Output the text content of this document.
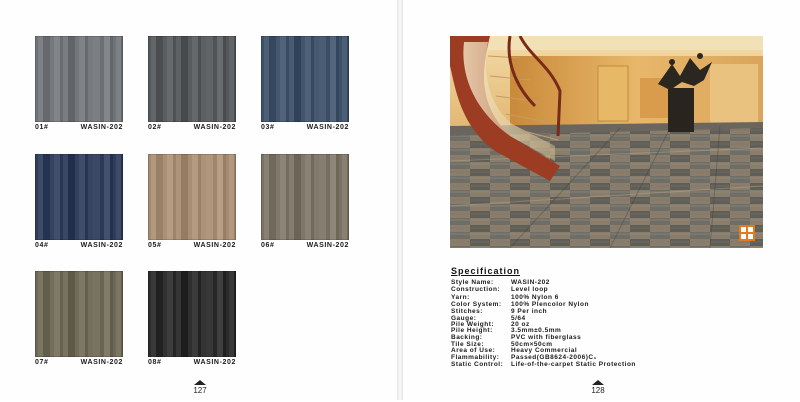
01#	WASIN-202	02#	WASIN-202	03#	WASIN-202
04#	WASIN-202	05#	WASIN-202	06#	WASIN-202
07#	WASIN-202	08#	WASIN-202
127
Specification
Style Name:	WASIN-202
Construction: Level loop
Yarn:	100% Nylon 6
Color System: 100% Plencolor Nylon
Stitches:	9 Per inch
Gauge:	5/64
Pile Weight:	20 oz
Pile Height:	3.5mm±0.5mm
Backing:	PVC with fiberglass
Tile Size:	50cm×50cm
Area of Use: Heavy Commercial
Flammability: Passed(GB8624-2006)C₁
Static Control: Life-of-the-carpet Static Protection
128
